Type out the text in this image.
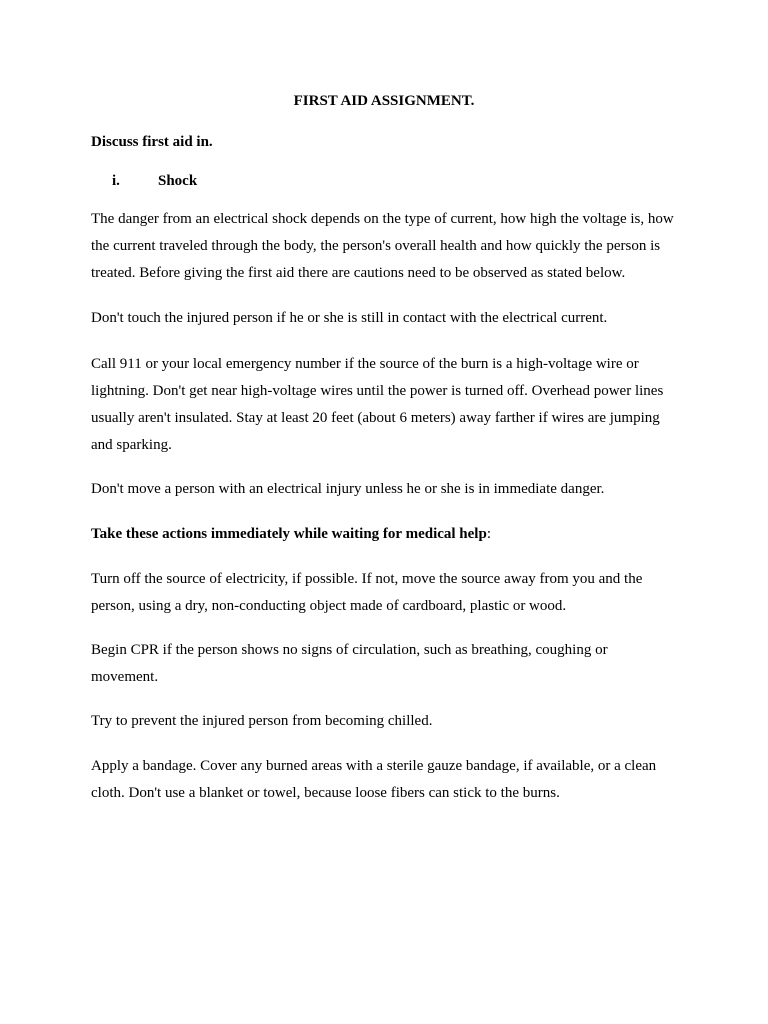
FIRST AID ASSIGNMENT.
Discuss first aid in.
i.	Shock
The danger from an electrical shock depends on the type of current, how high the voltage is, how
the current traveled through the body, the person's overall health and how quickly the person is
treated. Before giving the first aid there are cautions need to be observed as stated below.
Don't touch the injured person if he or she is still in contact with the electrical current.
Call 911 or your local emergency number if the source of the burn is a high-voltage wire or
lightning. Don't get near high-voltage wires until the power is turned off. Overhead power lines
usually aren't insulated. Stay at least 20 feet (about 6 meters) away farther if wires are jumping
and sparking.
Don't move a person with an electrical injury unless he or she is in immediate danger.
Take these actions immediately while waiting for medical help:
Turn off the source of electricity, if possible. If not, move the source away from you and the
person, using a dry, non-conducting object made of cardboard, plastic or wood.
Begin CPR if the person shows no signs of circulation, such as breathing, coughing or
movement.
Try to prevent the injured person from becoming chilled.
Apply a bandage. Cover any burned areas with a sterile gauze bandage, if available, or a clean
cloth. Don't use a blanket or towel, because loose fibers can stick to the burns.
